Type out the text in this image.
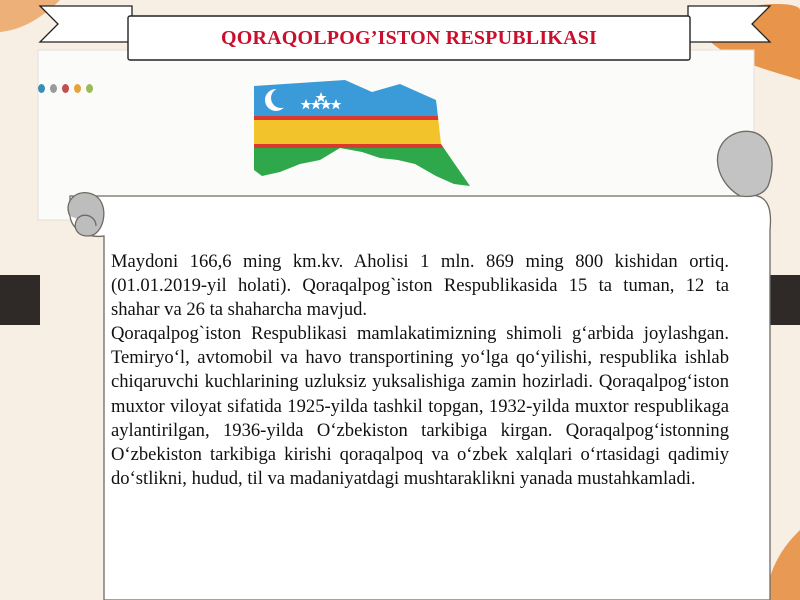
QORAQOLPOG’ISTON RESPUBLIKASI

Maydoni 166,6 ming km.kv. Aholisi 1 mln. 869 ming 800 kishidan ortiq. (01.01.2019-yil holati). Qoraqalpog`iston Respublikasida 15 ta tuman, 12 ta shahar va 26 ta shaharcha mavjud.

Qoraqalpog`iston Respublikasi mamlakatimizning shimoli g‘arbida joylashgan. Temiryo‘l, avtomobil va havo transportining yo‘lga qo‘yilishi, respublika ishlab chiqaruvchi kuchlarining uzluksiz yuksalishiga zamin hozirladi. Qoraqalpog‘iston muxtor viloyat sifatida 1925-yilda tashkil topgan, 1932-yilda muxtor respublikaga aylantirilgan, 1936-yilda O‘zbekiston tarkibiga kirgan. Qoraqalpog‘istonning O‘zbekiston tarkibiga kirishi qoraqalpoq va o‘zbek xalqlari o‘rtasidagi qadimiy do‘stlikni, hudud, til va madaniyatdagi mushtaraklikni yanada mustahkamladi.
